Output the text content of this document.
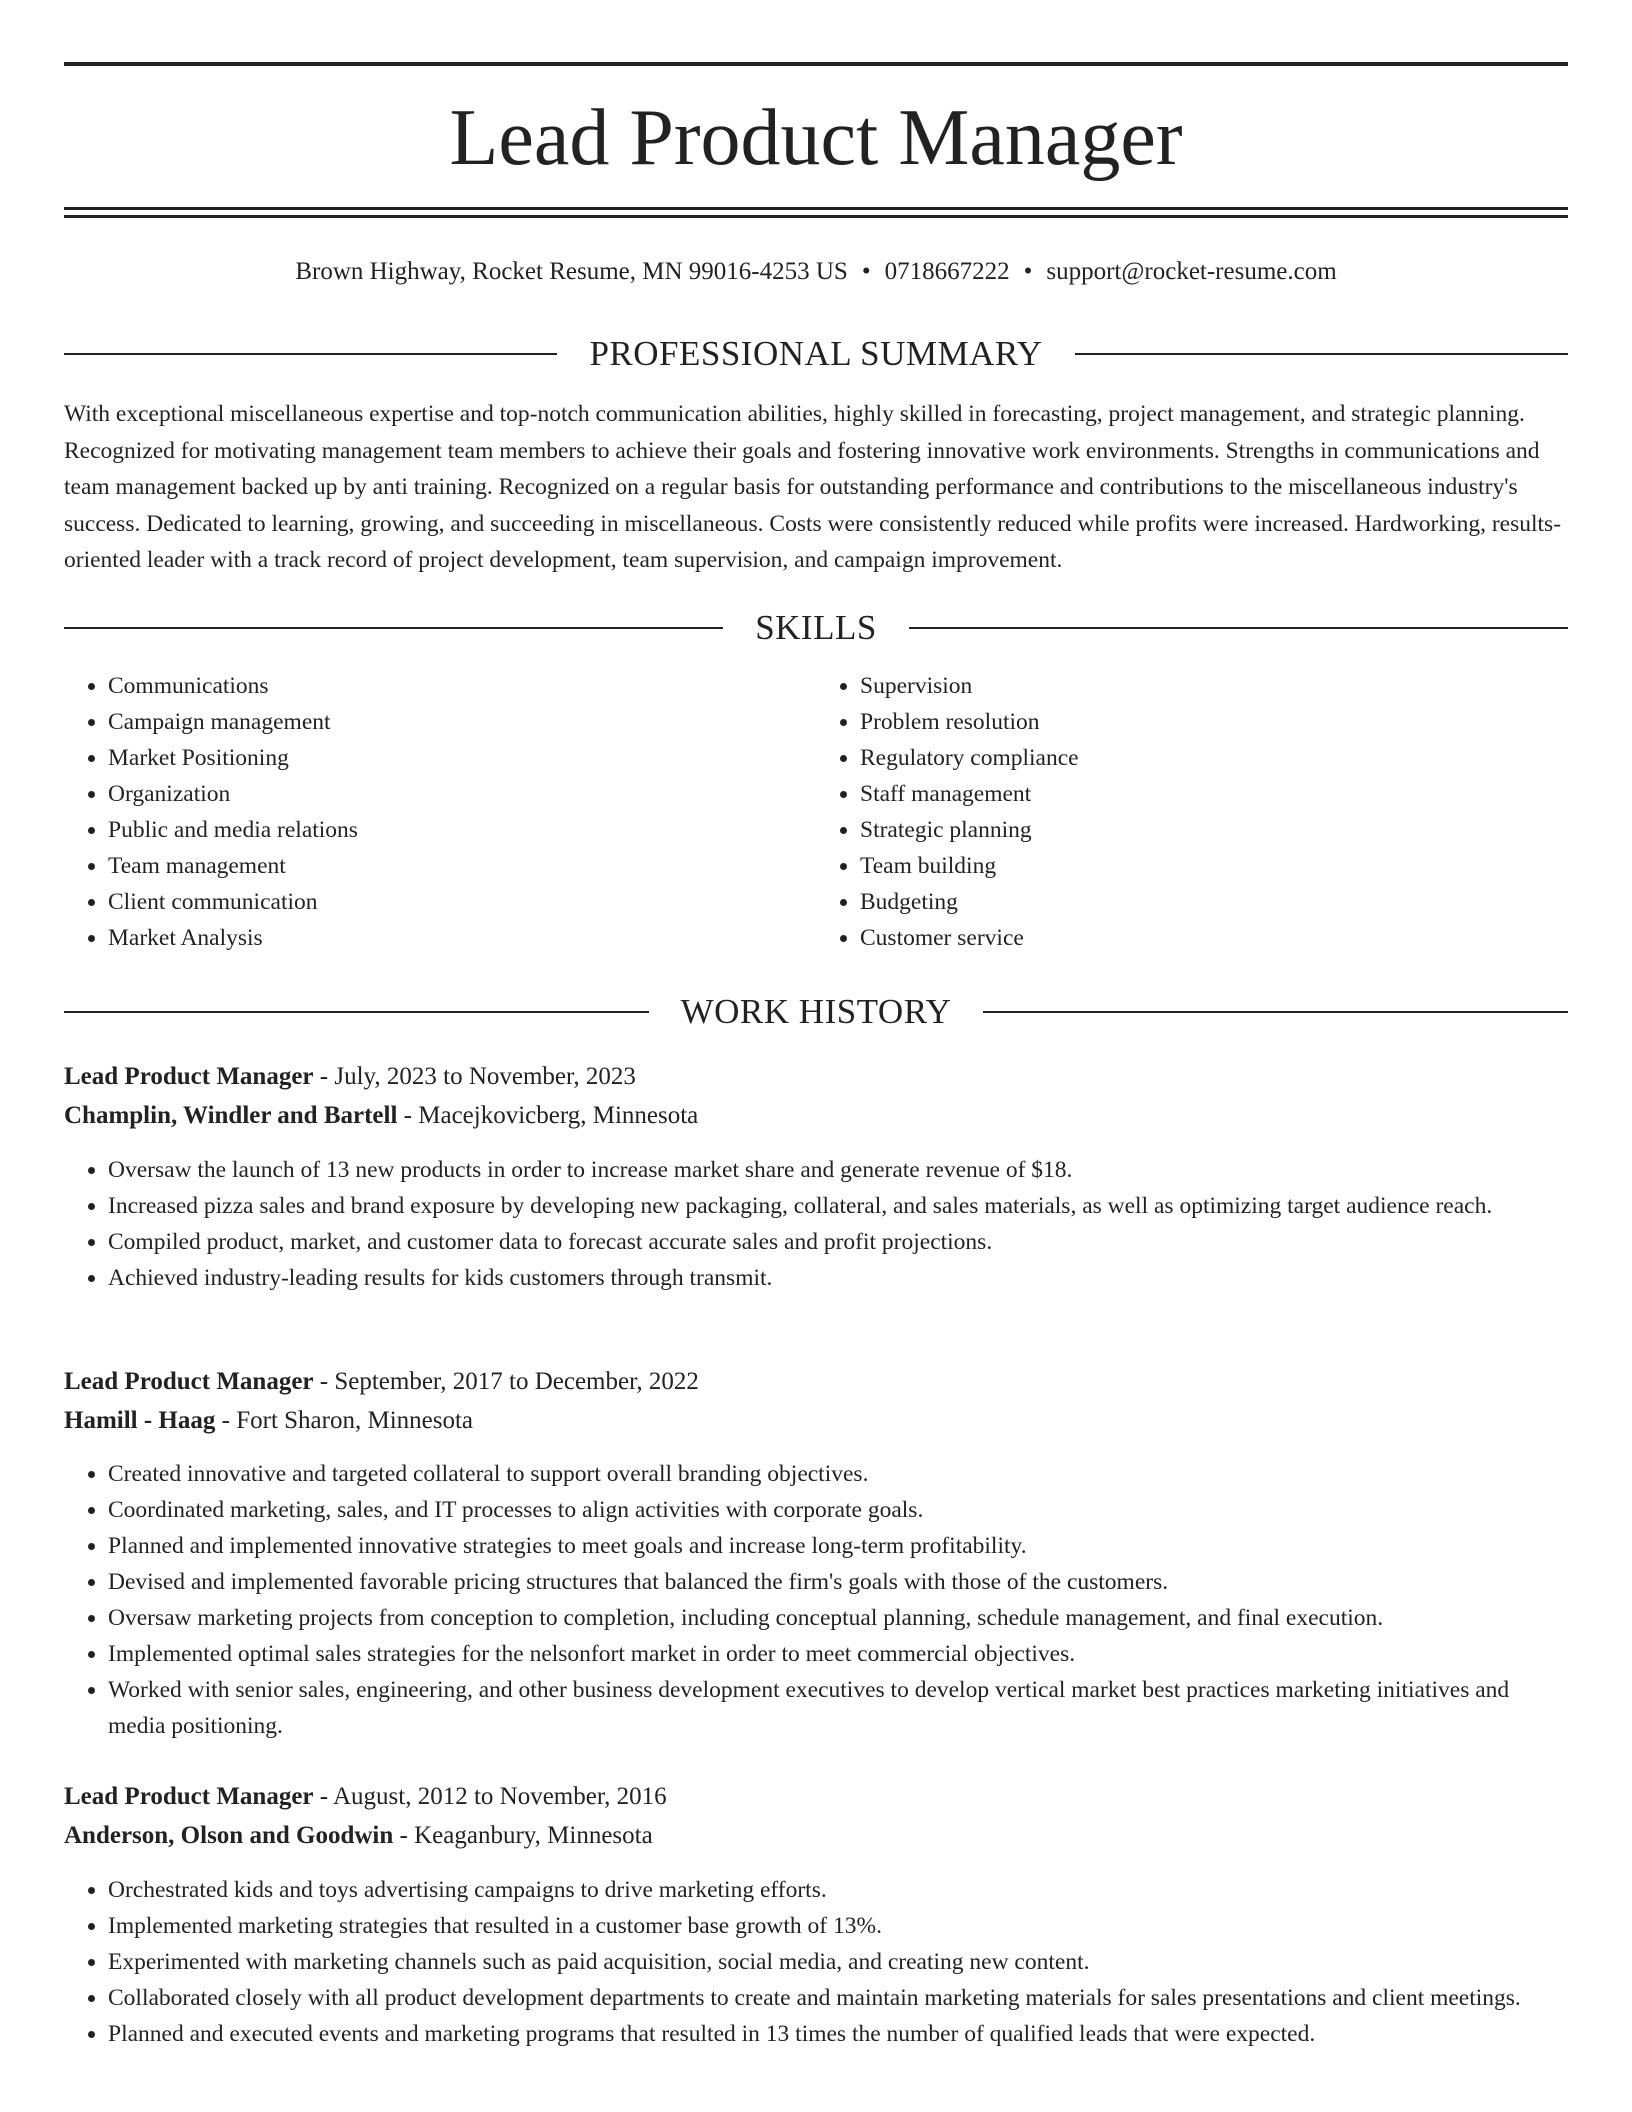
Lead Product Manager
Brown Highway, Rocket Resume, MN 99016-4253 US • 0718667222 • support@rocket-resume.com
PROFESSIONAL SUMMARY

With exceptional miscellaneous expertise and top-notch communication abilities, highly skilled in forecasting, project management, and strategic planning. Recognized for motivating management team members to achieve their goals and fostering innovative work environments. Strengths in communications and team management backed up by anti training. Recognized on a regular basis for outstanding performance and contributions to the miscellaneous industry's success. Dedicated to learning, growing, and succeeding in miscellaneous. Costs were consistently reduced while profits were increased. Hardworking, results-oriented leader with a track record of project development, team supervision, and campaign improvement.

SKILLS
• Communications
• Campaign management
• Market Positioning
• Organization
• Public and media relations
• Team management
• Client communication
• Market Analysis
• Supervision
• Problem resolution
• Regulatory compliance
• Staff management
• Strategic planning
• Team building
• Budgeting
• Customer service
WORK HISTORY
Lead Product Manager - July, 2023 to November, 2023
Champlin, Windler and Bartell - Macejkovicberg, Minnesota
• Oversaw the launch of 13 new products in order to increase market share and generate revenue of $18.
• Increased pizza sales and brand exposure by developing new packaging, collateral, and sales materials, as well as optimizing target audience reach.
• Compiled product, market, and customer data to forecast accurate sales and profit projections.
• Achieved industry-leading results for kids customers through transmit.
Lead Product Manager - September, 2017 to December, 2022
Hamill - Haag - Fort Sharon, Minnesota
• Created innovative and targeted collateral to support overall branding objectives.
• Coordinated marketing, sales, and IT processes to align activities with corporate goals.
• Planned and implemented innovative strategies to meet goals and increase long-term profitability.
• Devised and implemented favorable pricing structures that balanced the firm's goals with those of the customers.
• Oversaw marketing projects from conception to completion, including conceptual planning, schedule management, and final execution.
• Implemented optimal sales strategies for the nelsonfort market in order to meet commercial objectives.
• Worked with senior sales, engineering, and other business development executives to develop vertical market best practices marketing initiatives and media positioning.
Lead Product Manager - August, 2012 to November, 2016
Anderson, Olson and Goodwin - Keaganbury, Minnesota
• Orchestrated kids and toys advertising campaigns to drive marketing efforts.
• Implemented marketing strategies that resulted in a customer base growth of 13%.
• Experimented with marketing channels such as paid acquisition, social media, and creating new content.
• Collaborated closely with all product development departments to create and maintain marketing materials for sales presentations and client meetings.
• Planned and executed events and marketing programs that resulted in 13 times the number of qualified leads that were expected.
